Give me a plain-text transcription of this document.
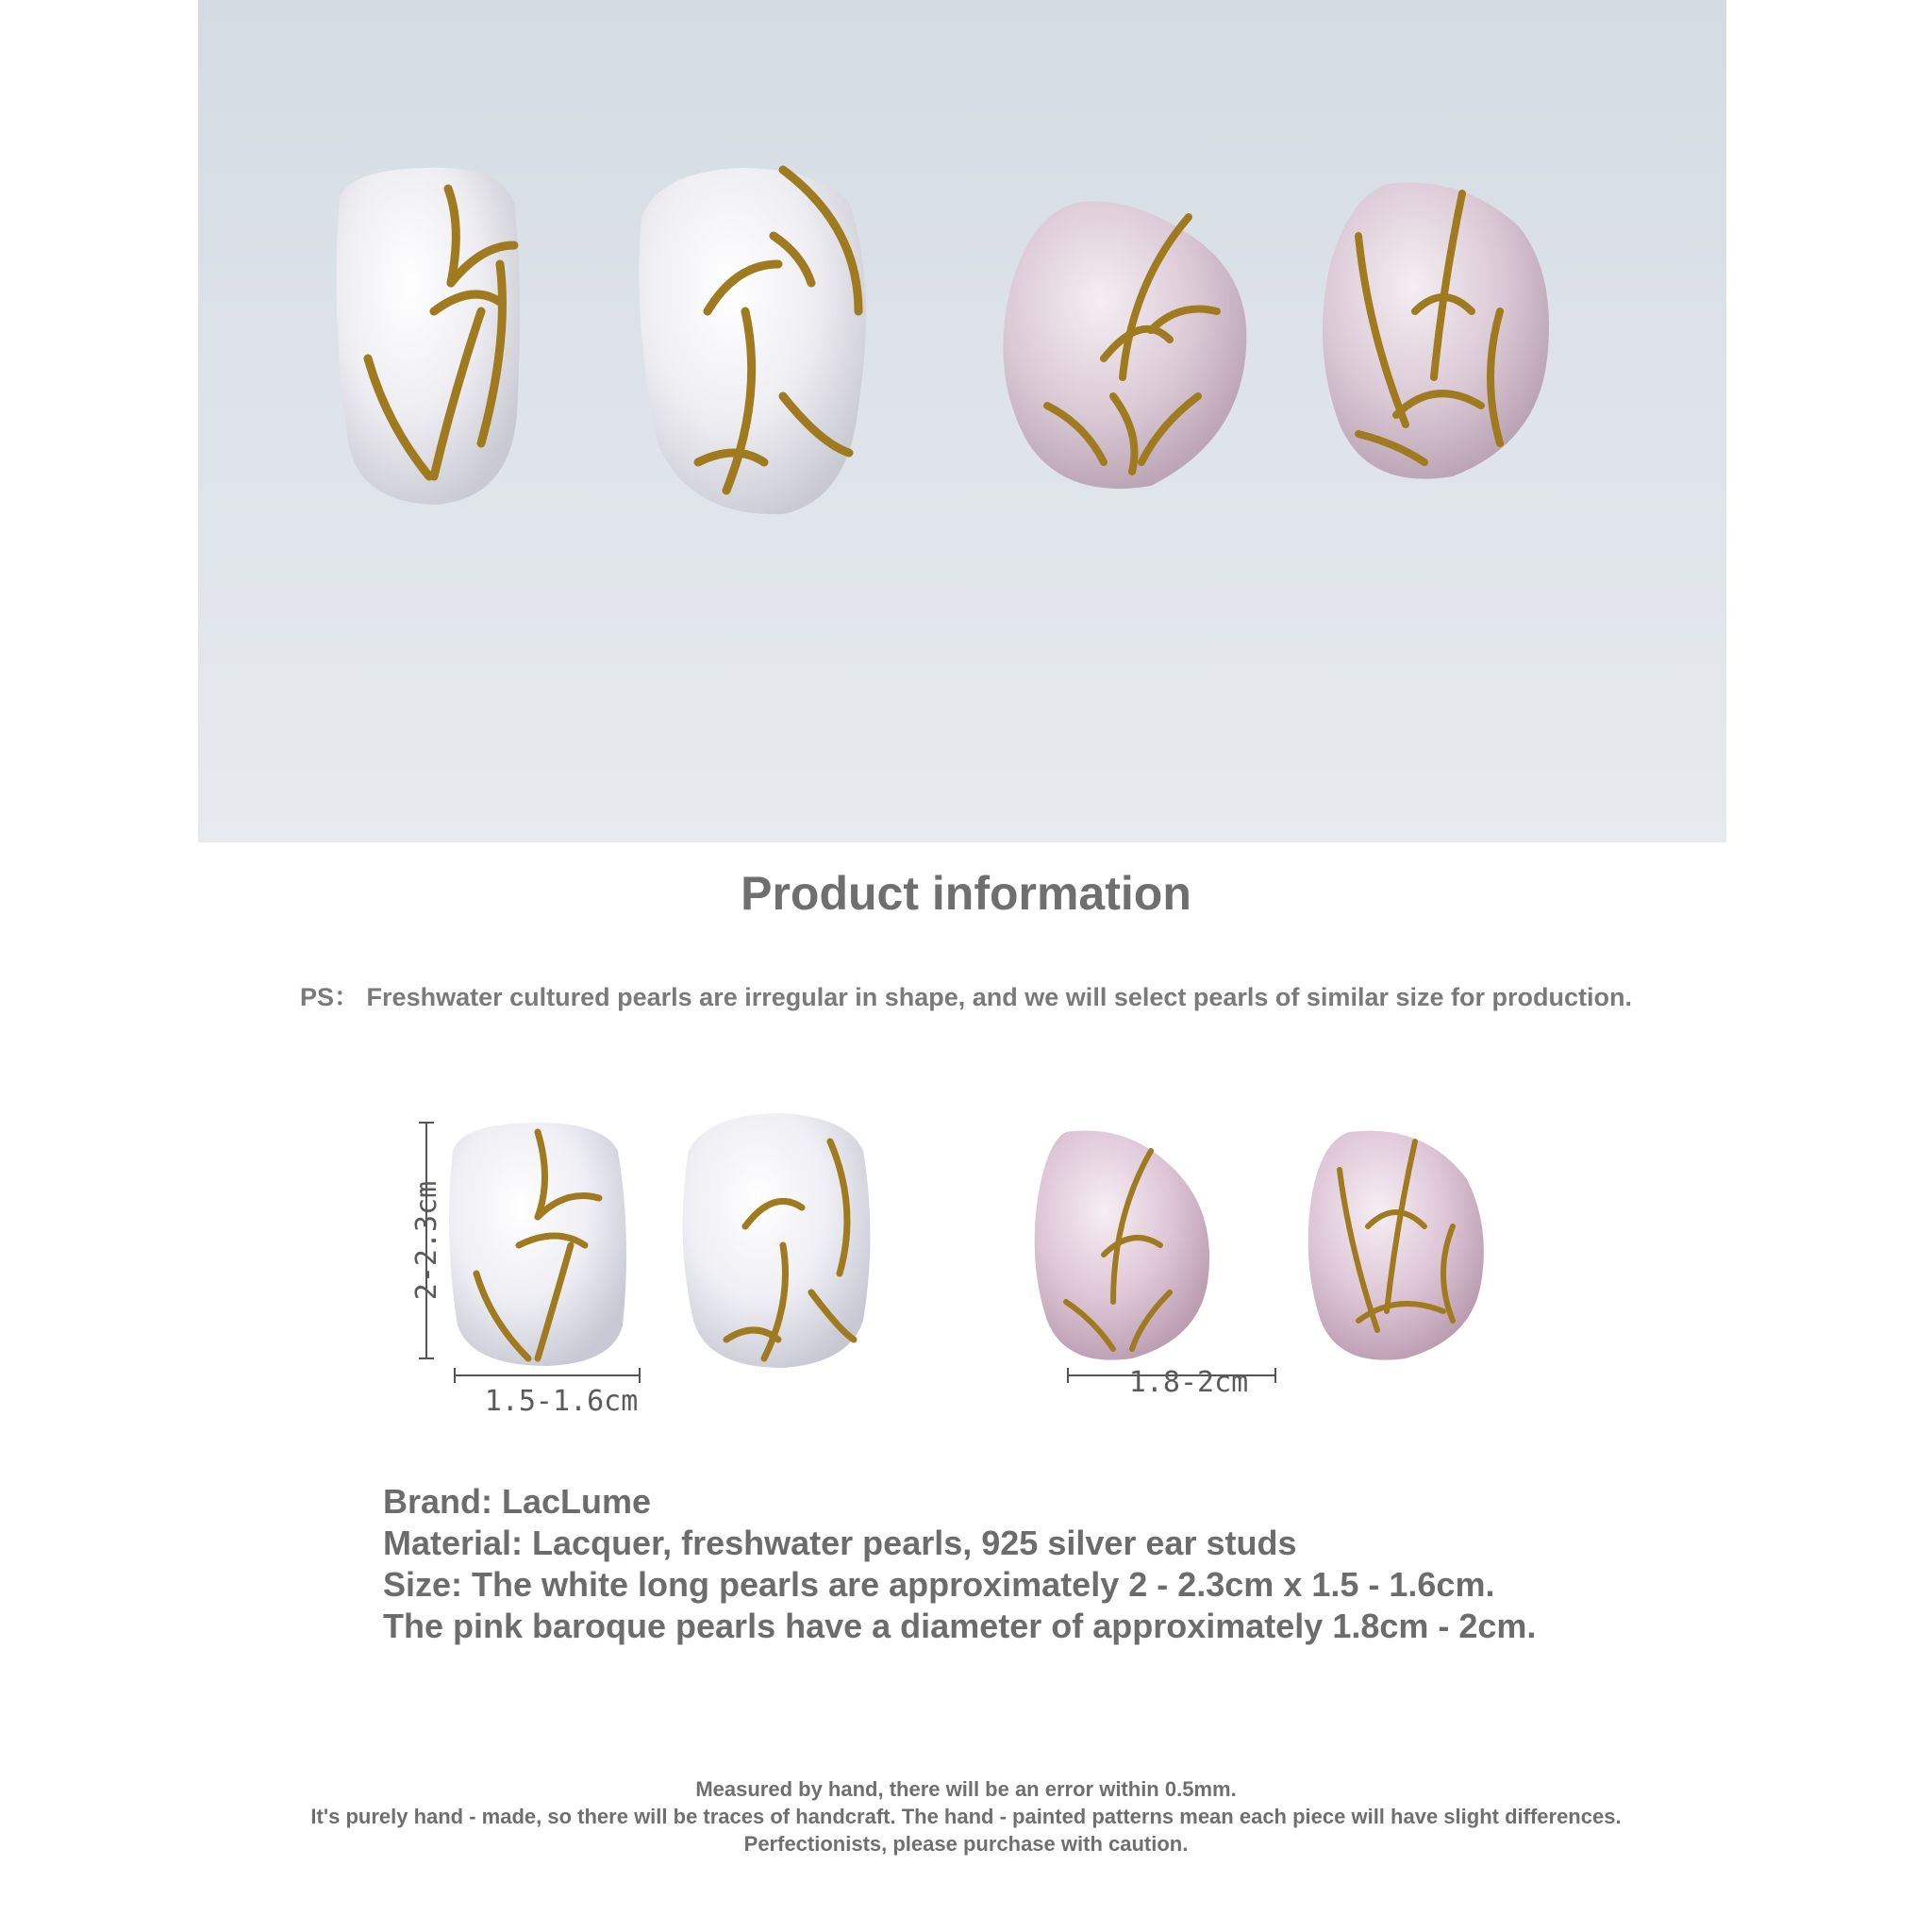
Product information
PS： Freshwater cultured pearls are irregular in shape, and we will select pearls of similar size for production.
2-2.3cm
1.5-1.6cm
1.8-2cm
Brand: LacLume
Material: Lacquer, freshwater pearls, 925 silver ear studs
Size: The white long pearls are approximately 2 - 2.3cm x 1.5 - 1.6cm.
The pink baroque pearls have a diameter of approximately 1.8cm - 2cm.
Measured by hand, there will be an error within 0.5mm.
It's purely hand - made, so there will be traces of handcraft. The hand - painted patterns mean each piece will have slight differences.
Perfectionists, please purchase with caution.
